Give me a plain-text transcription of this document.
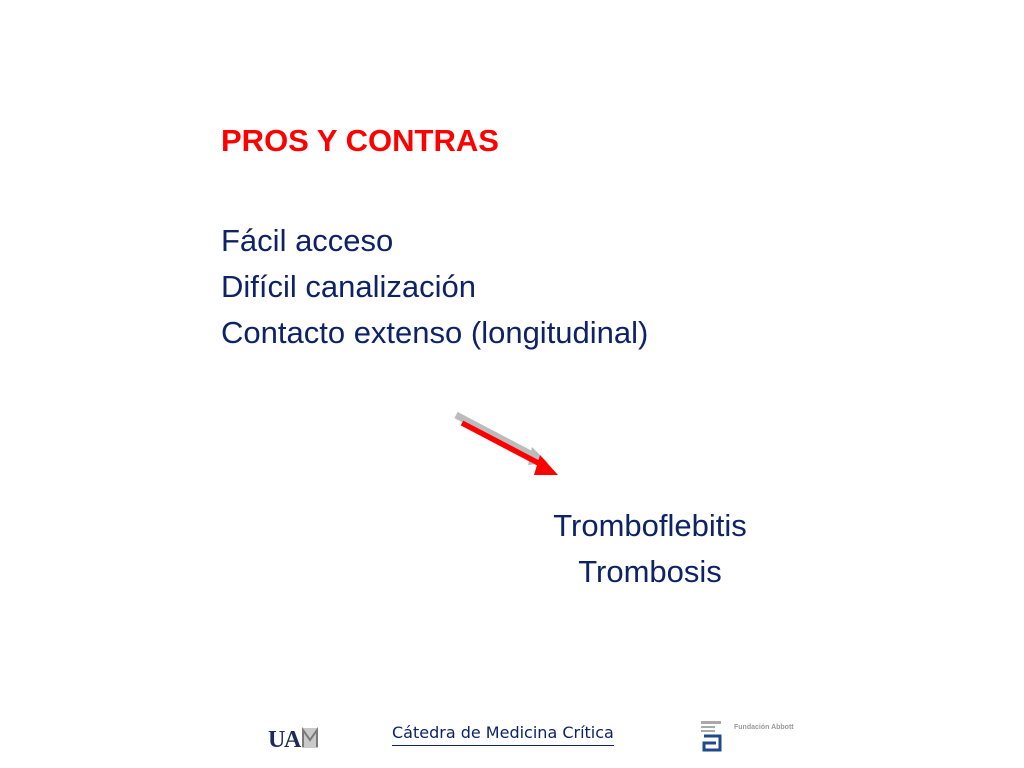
PROS Y CONTRAS
Fácil acceso
Difícil canalización
Contacto extenso (longitudinal)
Tromboflebitis
Trombosis
U
A	Cátedra de Medicina Crítica	Fundación Abbott
